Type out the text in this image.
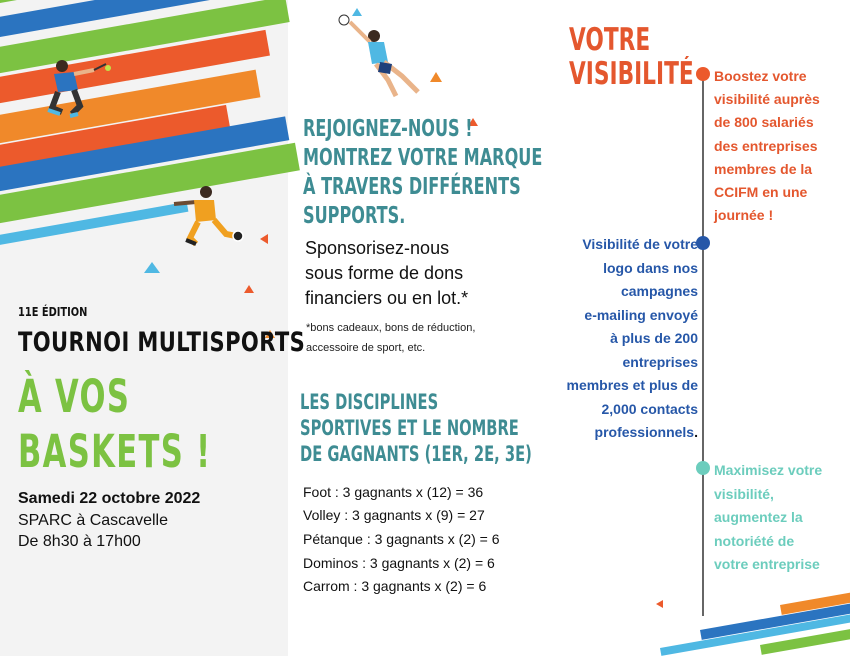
11E ÉDITION
TOURNOI MULTISPORTS
À VOS
BASKETS !
Samedi 22 octobre 2022
SPARC à Cascavelle
De 8h30 à 17h00
REJOIGNEZ-NOUS !
MONTREZ VOTRE MARQUE
À TRAVERS DIFFÉRENTS
SUPPORTS.
Sponsorisez-nous
sous forme de dons
financiers ou en lot.*
*bons cadeaux, bons de réduction,
accessoire de sport, etc.
LES DISCIPLINES
SPORTIVES ET LE NOMBRE
DE GAGNANTS (1ER, 2E, 3E)
Foot : 3 gagnants x (12) = 36
Volley : 3 gagnants x (9) = 27
Pétanque : 3 gagnants x (2) = 6
Dominos : 3 gagnants x (2) = 6
Carrom : 3 gagnants x (2) = 6
VOTRE
VISIBILITÉ Boostez votre
visibilité auprès
de 800 salariés
des entreprises
membres de la
CCIFM en une
journée !
Visibilité de votre
logo dans nos
campagnes
e-mailing envoyé
à plus de 200
entreprises
membres et plus de
2,000 contacts
professionnels.
Maximisez votre
visibilité,
augmentez la
notoriété de
votre entreprise
